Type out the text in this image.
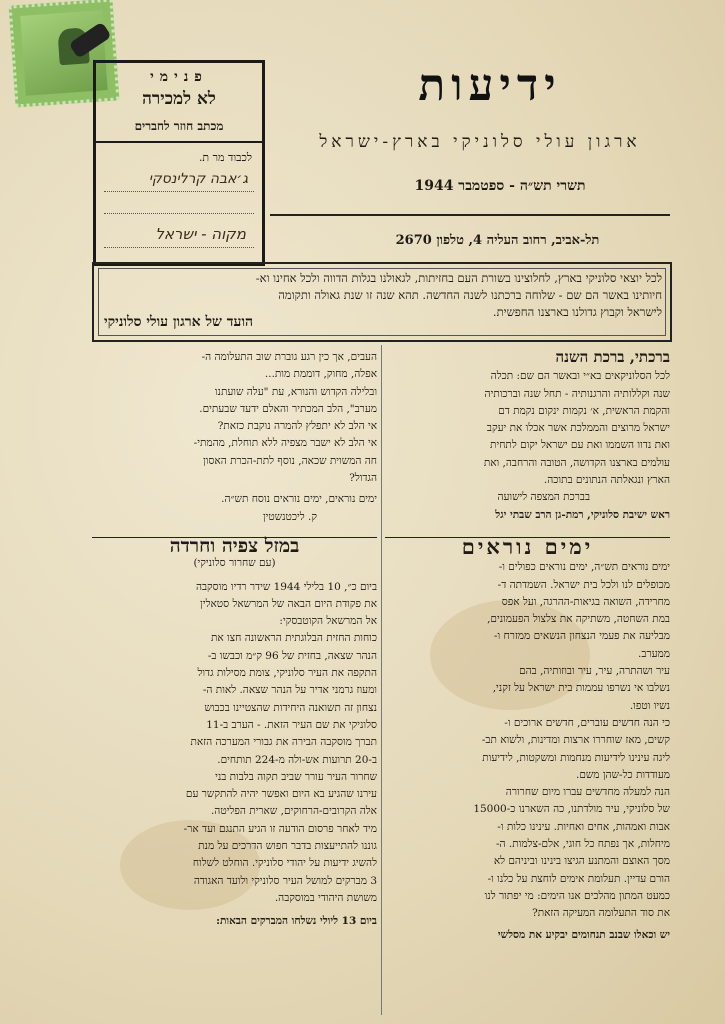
פנימי
לא למכירה
מכתב חוזר לחברים
לכבוד מר ת.
ג׳אבה קרלינסקי
מקוה - ישראל
ידיעות
ארגון עולי סלוניקי בארץ-ישראל
תשרי תש״ה - ספטמבר 1944
תל-אביב, רחוב העליה 4, טלפון 2670

לכל יוצאי סלוניקי בארץ, לחלוצינו בשורת העם בחזיתות, לגאולנו בגלות הדווה ולכל אחינו וא-

חיותינו באשר הם שם - שלוחה ברכתנו לשנה החדשה. תהא שנה זו שנת גאולה ותקומה

לישראל וקבוץ גדולנו בארצנו החפשית.

הועד של ארגון עולי סלוניקי

ברכתי, ברכת השנה

לכל הסלוניקאים בא״י ובאשר הם שם: תכלה

שנה וקללותיה והרגנותיה - תחל שנה וברכותיה

והקמת הראשית, א׳ נקמות ינקום נקמת דם

ישראל מרוצים והממלכת אשר אכלו את יעקב

ואת נדוו השממו ואת עם ישראל יקום לתחית

עולמים בארצנו הקדושה, הטובה והרחבה, ואת

הארץ ונגאלתה הנתונים בתוכה.

בברכת המצפה לישועה

ראש ישיבת סלוניקי, רמת-גן הרב שבתי יגל

ימים נוראים

ימים נוראים תש״ה, ימים נוראים כפולים ו-

מכופלים לנו ולכל בית ישראל. השמדתה ד-

מחרידה, השואה בגיאות-ההרגה, ועל אפס

במת השחטה, משתיקה את צלצול הפעמונים,

מבליעה את פעמי הנצחון הנשאים ממזרח ו-

ממערב.

עיר ושהתרה, עיר, עיר ובוזותיה, בהם

נשלבו אי נשרפו עממות בית ישראל על זקני,

נשיו וטפו.

כי הנה חדשים עוברים, חדשים ארוכים ו-

קשים, מאז שוחררו ארצות ומדינות, ולשוא תב-

ליגה עינינו לידיעות מנחמות ומשקטות, לידיעות

מעודדות כל-שהן משם.

הנה למעלה מחדשים עברו מיום שחרורה

של סלוניקי, עיר מולדתנו, כה השארנו כ-15000

אבות ואמהות, אחים ואחיות. עינינו כלות ו-

מיחלות, אך נפתח כל חוגי, אלם-צלמות. ה-

מסך האוצם והמתנע הגיצו בינינו וביניהם לא

הורם עדיין. תעלומת אימים לוחצת על כלנו ו-

כמעט המתון מהלכים אנו הימים: מי יפתור לנו

את סוד התעלומה המעיקה הזאת?

יש וכאלו שבנב תנחומים יבקיע את מסלשי

העבים, אך כין רגע גוברת שוב התעלומה ה-

אפלה, מחוק, דוממת מות...

ובלילה הקדוש והנורא, עת "עלה שועתנו

מערב", הלב המכתיר והאלם ידעד שבעתים.

אי הלב לא יתפלץ להמרה נוקבת כזאת?

אי הלב לא ישבר מצפיה ללא תוחלת, מהמתי-

חה המשוית שכאה, נוסף לתת-הכרת האסון

הגדול?

ימים נוראים, ימים נוראים נוסח תש״ה.

ק. ליכטנשטין

במזל צפיה וחרדה

(עם שחרור סלוניקי)

ביום כ״, 10 בלילי 1944 שידר רדיו מוסקבה

את פקודת היום הבאה של המרשאל סטאלין

אל המרשאל הקוטבסקי:

כוחות החזית הבלוגתית הראשונה חצו את

הנהר שצאה, בחזית של 96 ק״מ וכבשו ב-

התקפה את העיר סלוניקי, צומת מסילות גדול

ומעוז גרמני אדיר על הנהר שצאה. לאות ה-

נצחון זה תשואנה היחידות שהצטיינו בכבוש

סלוניקי את שם העיר הזאת. - הערב ב-11

תברך מוסקבה הבירה את גבורי המערכה הזאת

ב-20 תרועות אש-ולה מ-224 תותחים.

שחרור העיר עורר שביב תקוה בלבות בני

עירנו שהגיע בא היום ואפשר יהיה להתקשר עם

אלה הקרובים-הרחוקים, שארית הפליטה.

מיד לאחר פרסום הודעה זו הגיע התנגם ועד אר-

גוננו להתייעצות בדבר חפוש הדרכים על מנת

להשיג ידיעות על יהודי סלוניקי. הוחלט לשלוח

3 מברקים למושל העיר סלוניקי ולועד האגודה

משושת היהודי במוסקבה.

ביום 13 ליולי נשלחו המברקים הבאות:
